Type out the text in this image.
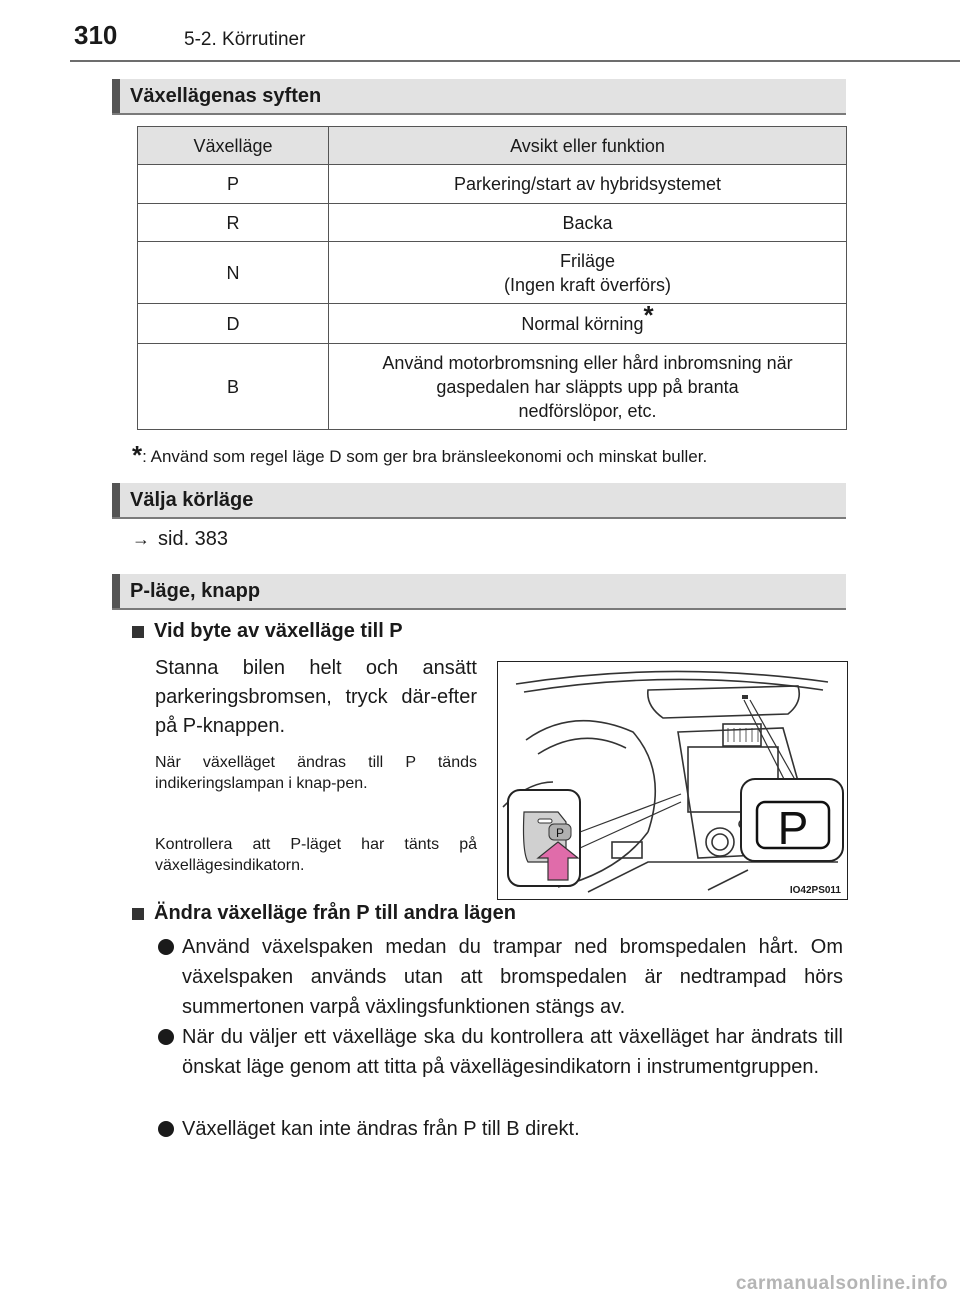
310	5-2. Körrutiner
Växellägenas syften
Växelläge	Avsikt eller funktion
P	Parkering/start av hybridsystemet
R	Backa
N	Friläge
(Ingen kraft överförs)
D	Normal körning*
B	Använd motorbromsning eller hård inbromsning när
gaspedalen har släppts upp på branta
nedförslöpor, etc.
*: Använd som regel läge D som ger bra bränsleekonomi och minskat buller.
Välja körläge
→ sid. 383
P-läge, knapp
Vid byte av växelläge till P
Stanna bilen helt och ansätt parkeringsbromsen, tryck där-efter på P-knappen.
När växelläget ändras till P tänds indikeringslampan i knap-pen.
Kontrollera att P-läget har tänts på växellägesindikatorn.
P	P
IO42PS011
Ändra växelläge från P till andra lägen
Använd växelspaken medan du trampar ned bromspedalen hårt. Om växelspaken används utan att bromspedalen är nedtrampad hörs summertonen varpå växlingsfunktionen stängs av.
När du väljer ett växelläge ska du kontrollera att växelläget har ändrats till önskat läge genom att titta på växellägesindikatorn i instrumentgruppen.
Växelläget kan inte ändras från P till B direkt.
carmanualsonline.info
